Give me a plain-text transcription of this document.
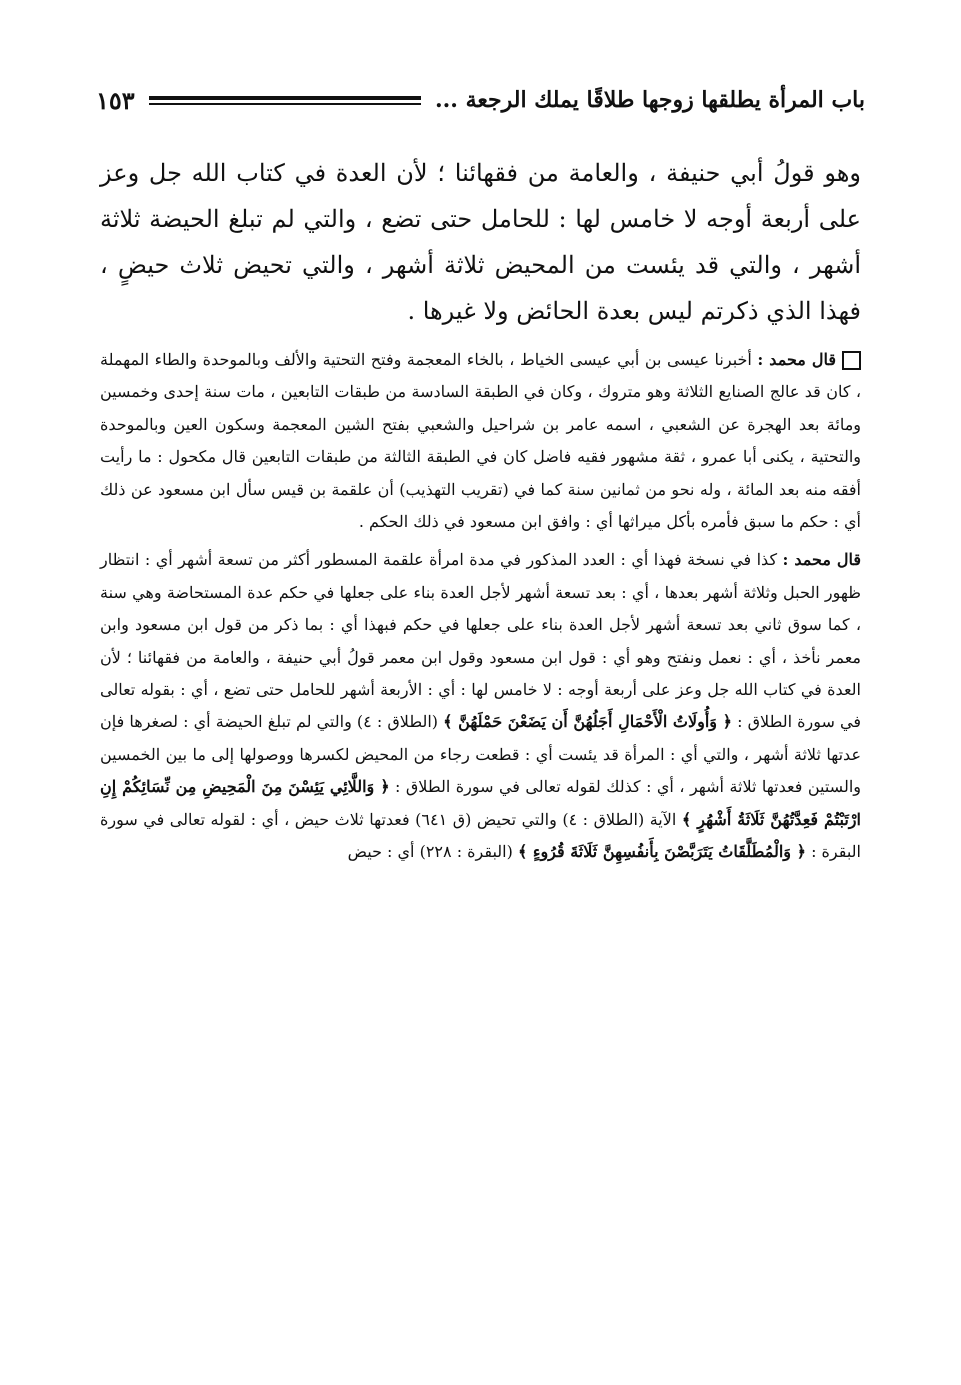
باب المرأة يطلقها زوجها طلاقًا يملك الرجعة ...
١٥٣

وهو قولُ أبي حنيفة ، والعامة من فقهائنا ؛ لأن العدة في كتاب الله جل وعز على أربعة أوجه لا خامس لها : للحامل حتى تضع ، والتي لم تبلغ الحيضة ثلاثة أشهر ، والتي قد يئست من المحيض ثلاثة أشهر ، والتي تحيض ثلاث حيضٍ ، فهذا الذي ذكرتم ليس بعدة الحائض ولا غيرها .

قال محمد : أخبرنا عيسى بن أبي عيسى الخياط ، بالخاء المعجمة وفتح التحتية والألف وبالموحدة والطاء المهملة ، كان قد عالج الصنايع الثلاثة وهو متروك ، وكان في الطبقة السادسة من طبقات التابعين ، مات سنة إحدى وخمسين ومائة بعد الهجرة عن الشعبي ، اسمه عامر بن شراحيل والشعبي بفتح الشين المعجمة وسكون العين وبالموحدة والتحتية ، يكنى أبا عمرو ، ثقة مشهور فقيه فاضل كان في الطبقة الثالثة من طبقات التابعين قال مكحول : ما رأيت أفقه منه بعد المائة ، وله نحو من ثمانين سنة كما في (تقريب التهذيب) أن علقمة بن قيس سأل ابن مسعود عن ذلك أي : حكم ما سبق فأمره بأكل ميراثها أي : وافق ابن مسعود في ذلك الحكم .

قال محمد : كذا في نسخة فهذا أي : العدد المذكور في مدة امرأة علقمة المسطور أكثر من تسعة أشهر أي : انتظار ظهور الحبل وثلاثة أشهر بعدها ، أي : بعد تسعة أشهر لأجل العدة بناء على جعلها في حكم عدة المستحاضة وهي سنة ، كما سوق ثاني بعد تسعة أشهر لأجل العدة بناء على جعلها في حكم فبهذا أي : بما ذكر من قول ابن مسعود وابن معمر نأخذ ، أي : نعمل ونفتح وهو أي : قول ابن مسعود وقول ابن معمر قولُ أبي حنيفة ، والعامة من فقهائنا ؛ لأن العدة في كتاب الله جل وعز على أربعة أوجه : لا خامس لها : أي : الأربعة أشهر للحامل حتى تضع ، أي : بقوله تعالى في سورة الطلاق : ﴿ وَأُولَاتُ الْأَحْمَالِ أَجَلُهُنَّ أَن يَضَعْنَ حَمْلَهُنَّ ﴾ (الطلاق : ٤) والتي لم تبلغ الحيضة أي : لصغرها فإن عدتها ثلاثة أشهر ، والتي أي : المرأة قد يئست أي : قطعت رجاء من المحيض لكسرها ووصولها إلى ما بين الخمسين والستين فعدتها ثلاثة أشهر ، أي : كذلك لقوله تعالى في سورة الطلاق : ﴿ وَاللَّائِي يَئِسْنَ مِنَ الْمَحِيضِ مِن نِّسَائِكُمْ إِنِ ارْتَبْتُمْ فَعِدَّتُهُنَّ ثَلَاثَةُ أَشْهُرٍ ﴾ الآية (الطلاق : ٤) والتي تحيض (ق ٦٤١) فعدتها ثلاث حيض ، أي : لقوله تعالى في سورة البقرة : ﴿ وَالْمُطَلَّقَاتُ يَتَرَبَّصْنَ بِأَنفُسِهِنَّ ثَلَاثَةَ قُرُوءٍ ﴾ (البقرة : ٢٢٨) أي : حيض
